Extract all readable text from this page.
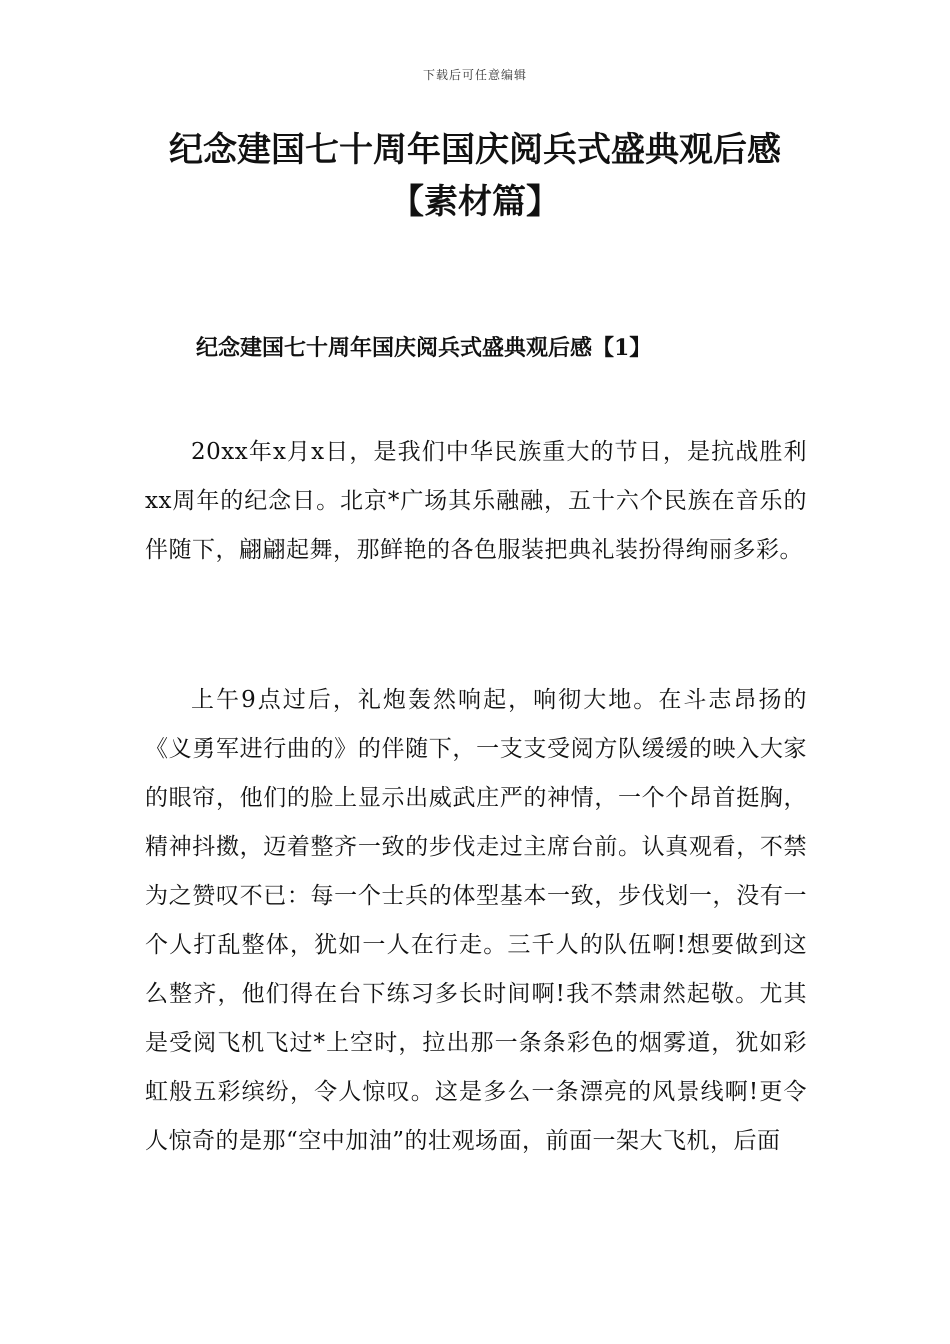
下载后可任意编辑
纪念建国七十周年国庆阅兵式盛典观后感
【素材篇】
纪念建国七十周年国庆阅兵式盛典观后感【1】

20xx年x月x日，是我们中华民族重大的节日，是抗战胜利xx周年的纪念日。北京*广场其乐融融，五十六个民族在音乐的伴随下，翩翩起舞，那鲜艳的各色服装把典礼装扮得绚丽多彩。

上午9点过后，礼炮轰然响起，响彻大地。在斗志昂扬的《义勇军进行曲的》的伴随下，一支支受阅方队缓缓的映入大家的眼帘，他们的脸上显示出威武庄严的神情，一个个昂首挺胸，精神抖擞，迈着整齐一致的步伐走过主席台前。认真观看，不禁为之赞叹不已：每一个士兵的体型基本一致，步伐划一，没有一个人打乱整体，犹如一人在行走。三千人的队伍啊!想要做到这么整齐，他们得在台下练习多长时间啊!我不禁肃然起敬。尤其是受阅飞机飞过*上空时，拉出那一条条彩色的烟雾道，犹如彩虹般五彩缤纷，令人惊叹。这是多么一条漂亮的风景线啊!更令人惊奇的是那“空中加油”的壮观场面，前面一架大飞机，后面
